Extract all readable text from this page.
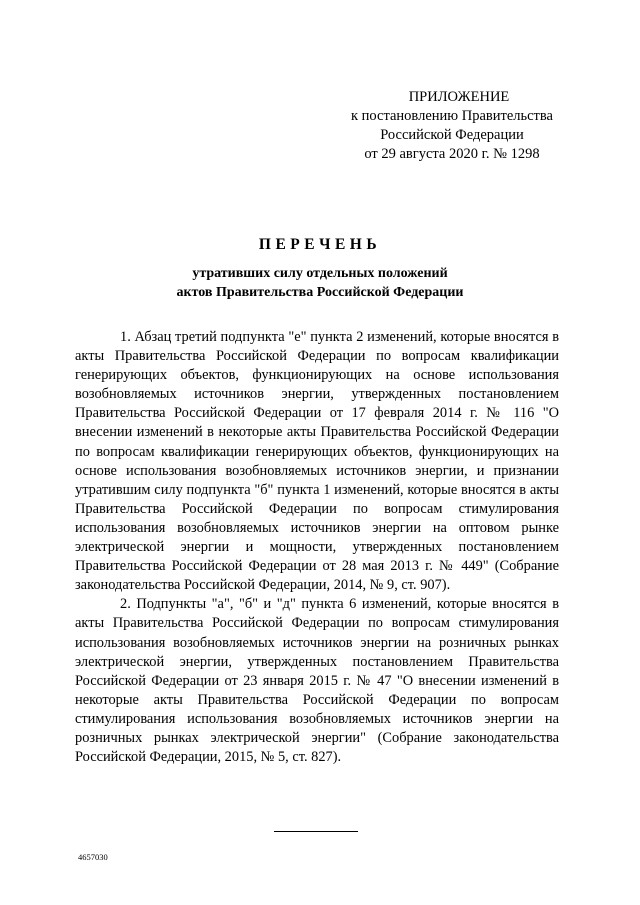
ПРИЛОЖЕНИЕ
к постановлению Правительства
Российской Федерации
от 29 августа 2020 г. № 1298
ПЕРЕЧЕНЬ
утративших силу отдельных положений
актов Правительства Российской Федерации

1. Абзац третий подпункта "е" пункта 2 изменений, которые вносятся в акты Правительства Российской Федерации по вопросам квалификации генерирующих объектов, функционирующих на основе использования возобновляемых источников энергии, утвержденных постановлением Правительства Российской Федерации от 17 февраля 2014 г. № 116 "О внесении изменений в некоторые акты Правительства Российской Федерации по вопросам квалификации генерирующих объектов, функционирующих на основе использования возобновляемых источников энергии, и признании утратившим силу подпункта "б" пункта 1 изменений, которые вносятся в акты Правительства Российской Федерации по вопросам стимулирования использования возобновляемых источников энергии на оптовом рынке электрической энергии и мощности, утвержденных постановлением Правительства Российской Федерации от 28 мая 2013 г. № 449" (Собрание законодательства Российской Федерации, 2014, № 9, ст. 907).

2. Подпункты "а", "б" и "д" пункта 6 изменений, которые вносятся в акты Правительства Российской Федерации по вопросам стимулирования использования возобновляемых источников энергии на розничных рынках электрической энергии, утвержденных постановлением Правительства Российской Федерации от 23 января 2015 г. № 47 "О внесении изменений в некоторые акты Правительства Российской Федерации по вопросам стимулирования использования возобновляемых источников энергии на розничных рынках электрической энергии" (Собрание законодательства Российской Федерации, 2015, № 5, ст. 827).

4657030
